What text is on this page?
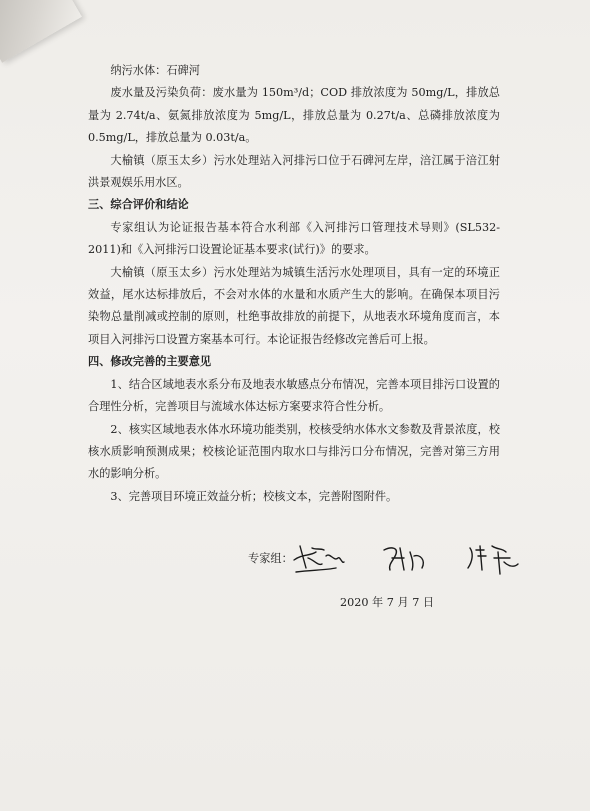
纳污水体：石碑河

废水量及污染负荷：废水量为 150m³/d；COD 排放浓度为 50mg/L，排放总量为 2.74t/a、氨氮排放浓度为 5mg/L，排放总量为 0.27t/a、总磷排放浓度为 0.5mg/L，排放总量为 0.03t/a。

大榆镇（原玉太乡）污水处理站入河排污口位于石碑河左岸，涪江属于涪江射洪景观娱乐用水区。

三、综合评价和结论

专家组认为论证报告基本符合水利部《入河排污口管理技术导则》(SL532-2011)和《入河排污口设置论证基本要求(试行)》的要求。

大榆镇（原玉太乡）污水处理站为城镇生活污水处理项目，具有一定的环境正效益，尾水达标排放后，不会对水体的水量和水质产生大的影响。在确保本项目污染物总量削减或控制的原则，杜绝事故排放的前提下，从地表水环境角度而言，本项目入河排污口设置方案基本可行。本论证报告经修改完善后可上报。

四、修改完善的主要意见

1、结合区域地表水系分布及地表水敏感点分布情况，完善本项目排污口设置的合理性分析，完善项目与流域水体达标方案要求符合性分析。

2、核实区域地表水体水环境功能类别，校核受纳水体水文参数及背景浓度，校核水质影响预测成果；校核论证范围内取水口与排污口分布情况，完善对第三方用水的影响分析。

3、完善项目环境正效益分析；校核文本，完善附图附件。

专家组：
2020 年 7 月 7 日
